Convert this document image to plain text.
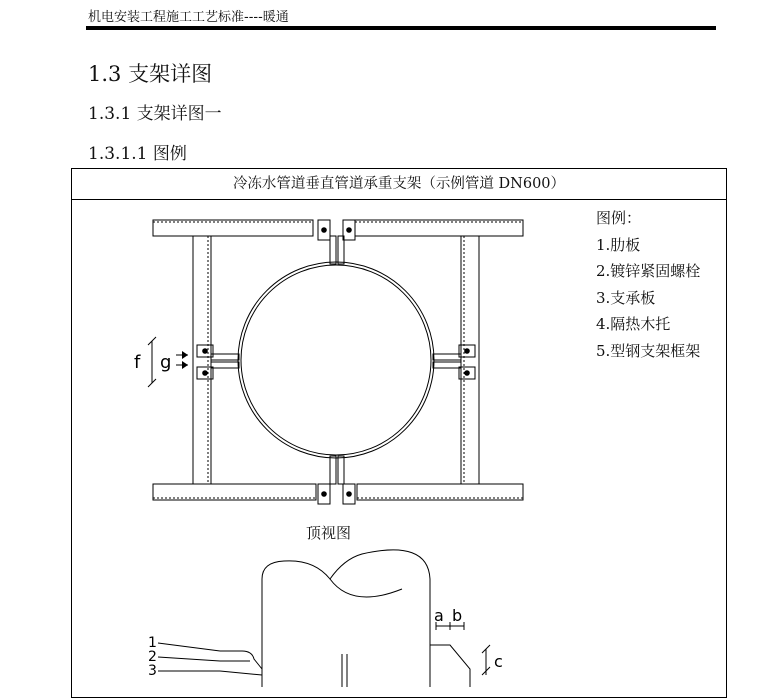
机电安装工程施工工艺标准----暖通
1.3 支架详图
1.3.1 支架详图一
1.3.1.1 图例
冷冻水管道垂直管道承重支架（示例管道 DN600）
f g
a b
c
1
2
3
图例：
1.肋板
2.镀锌紧固螺栓
3.支承板
4.隔热木托
5.型钢支架框架
顶视图
